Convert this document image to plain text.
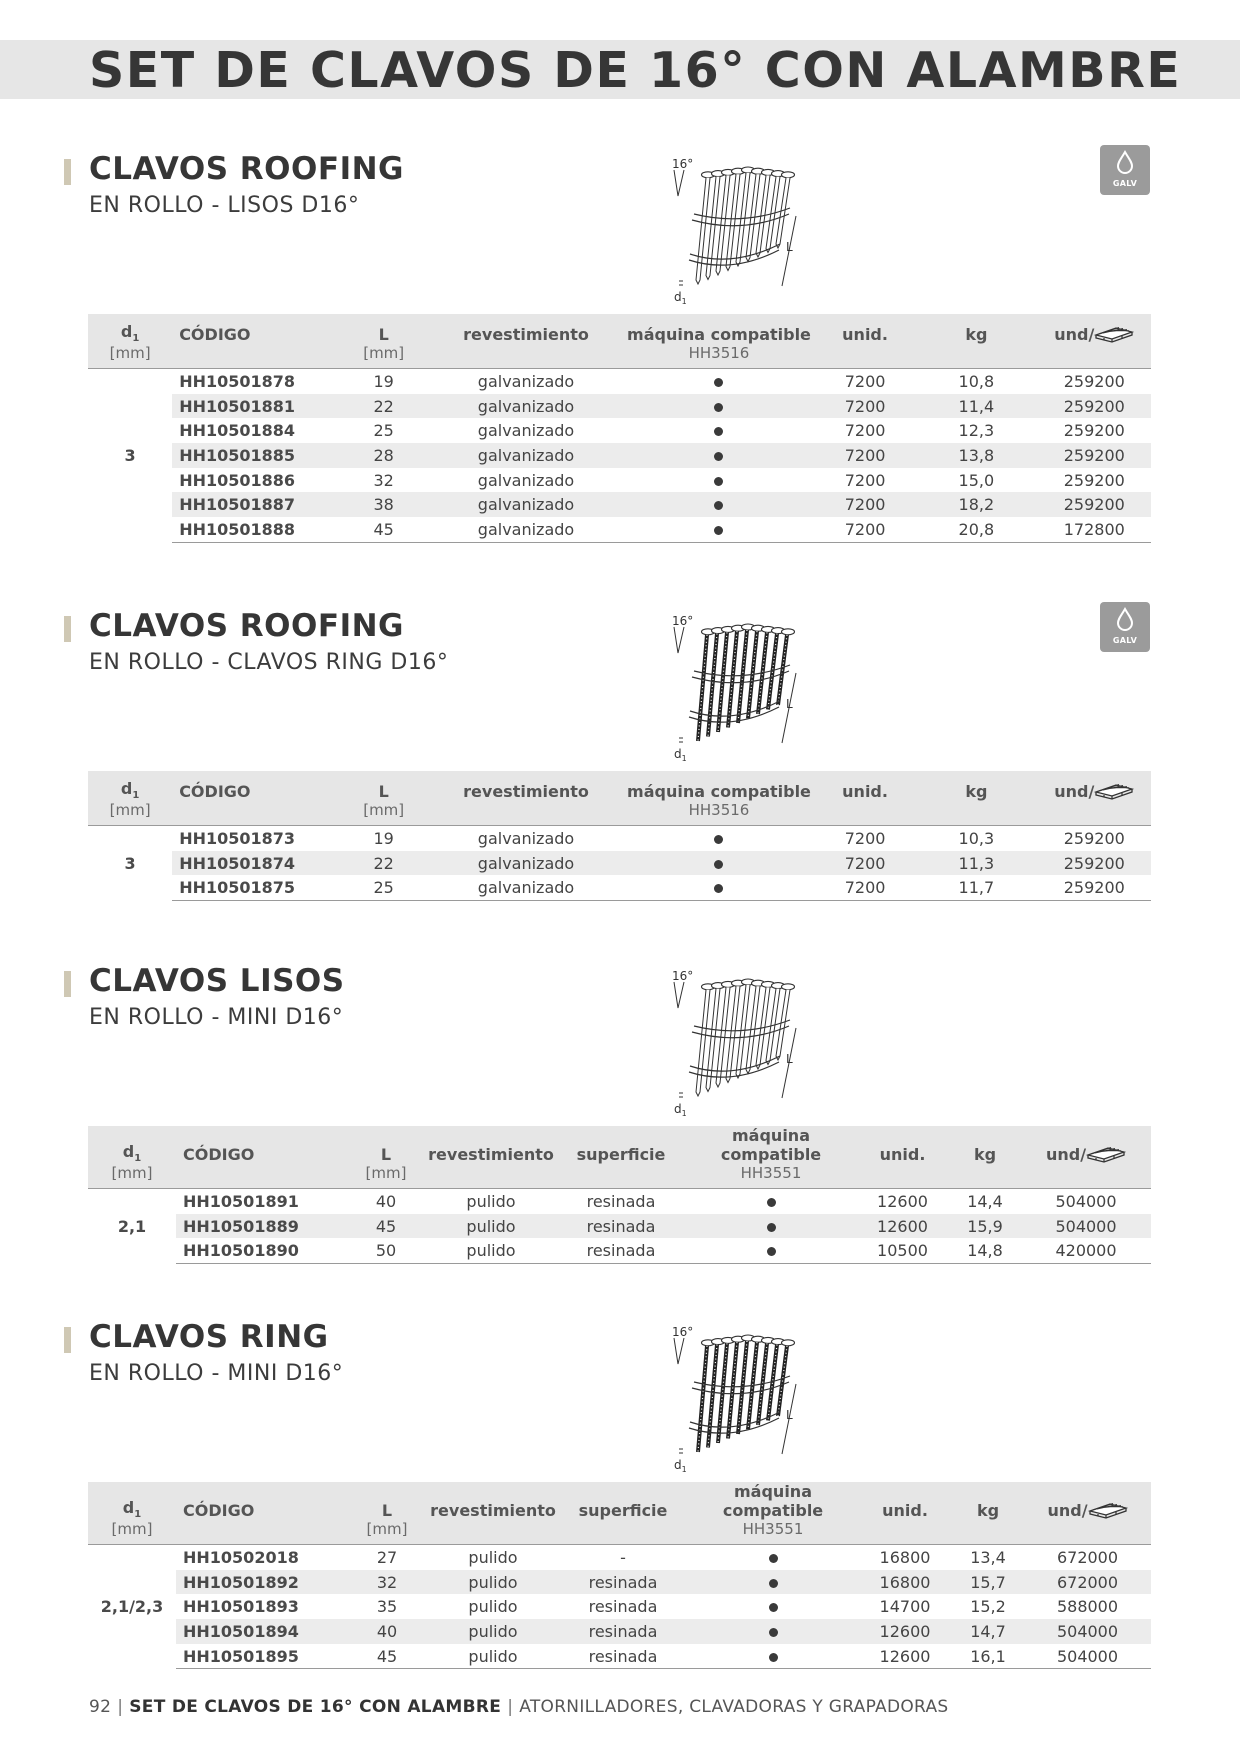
SET DE CLAVOS DE 16° CON ALAMBRE
CLAVOS ROOFING
EN ROLLO - LISOS D16°
GALV
16°
L
$d_1$
$d_1$	CÓDIGO	L	revestimiento	máquina compatible	unid.	kg	und/
[mm]		[mm]		HH3516			
3	HH10501878	19	galvanizado		7200	10,8	259200
	HH10501881	22	galvanizado		7200	11,4	259200
	HH10501884	25	galvanizado		7200	12,3	259200
	HH10501885	28	galvanizado		7200	13,8	259200
	HH10501886	32	galvanizado		7200	15,0	259200
	HH10501887	38	galvanizado		7200	18,2	259200
	HH10501888	45	galvanizado		7200	20,8	172800
CLAVOS ROOFING
EN ROLLO - CLAVOS RING D16°
GALV
16°
L
$d_1$
$d_1$	CÓDIGO	L	revestimiento	máquina compatible	unid.	kg	und/
[mm]		[mm]		HH3516			
3	HH10501873	19	galvanizado		7200	10,3	259200
	HH10501874	22	galvanizado		7200	11,3	259200
	HH10501875	25	galvanizado		7200	11,7	259200
CLAVOS LISOS
EN ROLLO - MINI D16°
16°
L
$d_1$
$d_1$	CÓDIGO	L	revestimiento	superficie	máquina compatible	unid.	kg	und/
[mm]		[mm]			HH3551			
2,1	HH10501891	40	pulido	resinada		12600	14,4	504000
	HH10501889	45	pulido	resinada		12600	15,9	504000
	HH10501890	50	pulido	resinada		10500	14,8	420000
CLAVOS RING
EN ROLLO - MINI D16°
16°
L
$d_1$
$d_1$	CÓDIGO	L	revestimiento	superficie	máquina compatible	unid.	kg	und/
[mm]		[mm]			HH3551			
2,1/2,3	HH10502018	27	pulido	-		16800	13,4	672000
	HH10501892	32	pulido	resinada		16800	15,7	672000
	HH10501893	35	pulido	resinada		14700	15,2	588000
	HH10501894	40	pulido	resinada		12600	14,7	504000
	HH10501895	45	pulido	resinada		12600	16,1	504000
92 | SET DE CLAVOS DE 16° CON ALAMBRE | ATORNILLADORES, CLAVADORAS Y GRAPADORAS
